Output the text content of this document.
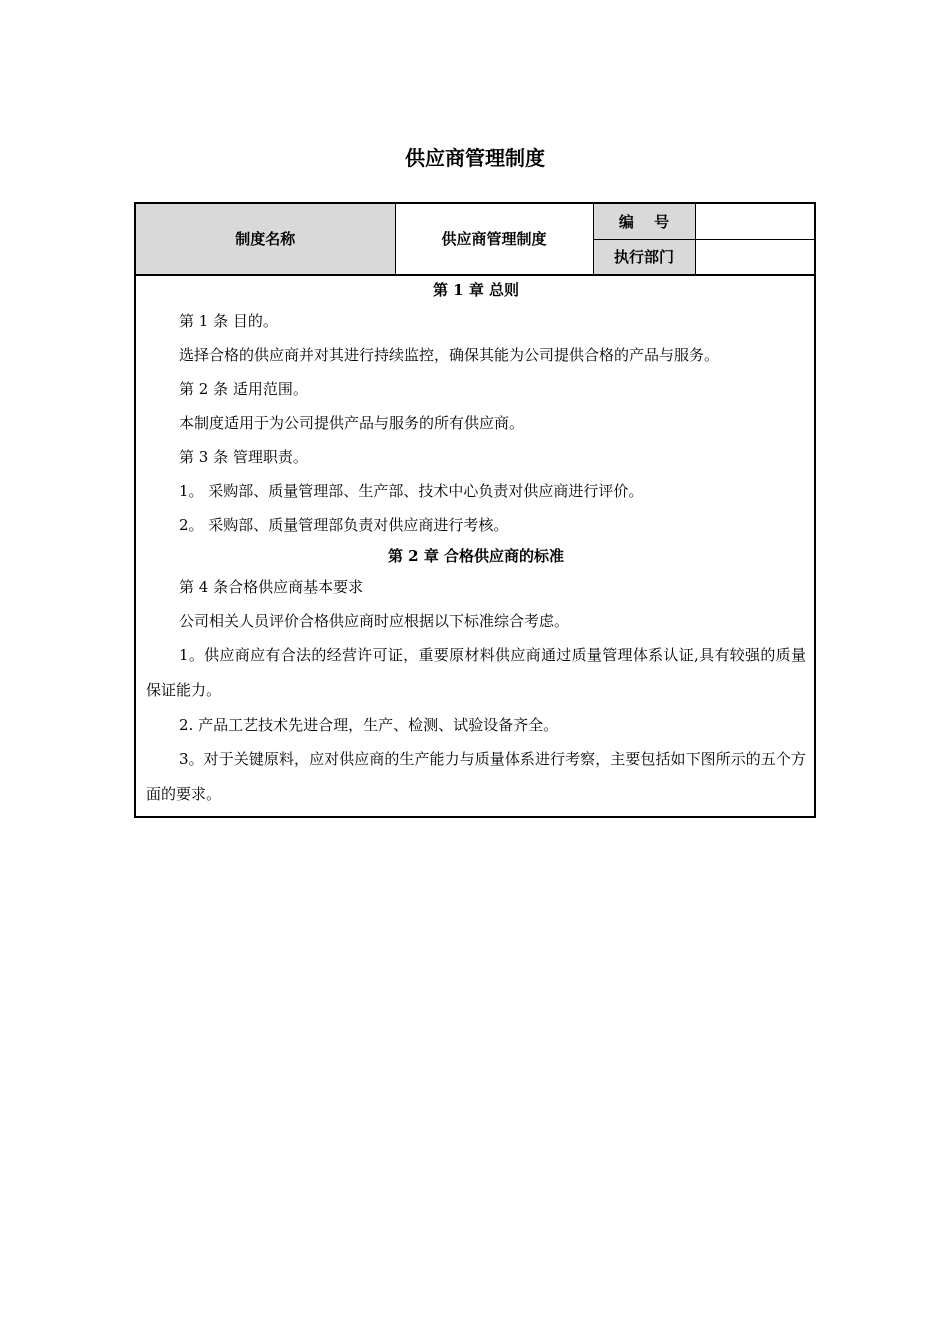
供应商管理制度
制度名称	供应商管理制度	编　 号	
		执行部门	
第 1 章 总则

第 1 条 目的。

选择合格的供应商并对其进行持续监控，确保其能为公司提供合格的产品与服务。

第 2 条 适用范围。

本制度适用于为公司提供产品与服务的所有供应商。

第 3 条 管理职责。

1。 采购部、质量管理部、生产部、技术中心负责对供应商进行评价。

2。 采购部、质量管理部负责对供应商进行考核。

第 2 章 合格供应商的标准

第 4 条合格供应商基本要求

公司相关人员评价合格供应商时应根据以下标准综合考虑。

1。供应商应有合法的经营许可证，重要原材料供应商通过质量管理体系认证,具有较强的质量保证能力。

2. 产品工艺技术先进合理，生产、检测、试验设备齐全。

3。对于关键原料，应对供应商的生产能力与质量体系进行考察，主要包括如下图所示的五个方面的要求。
